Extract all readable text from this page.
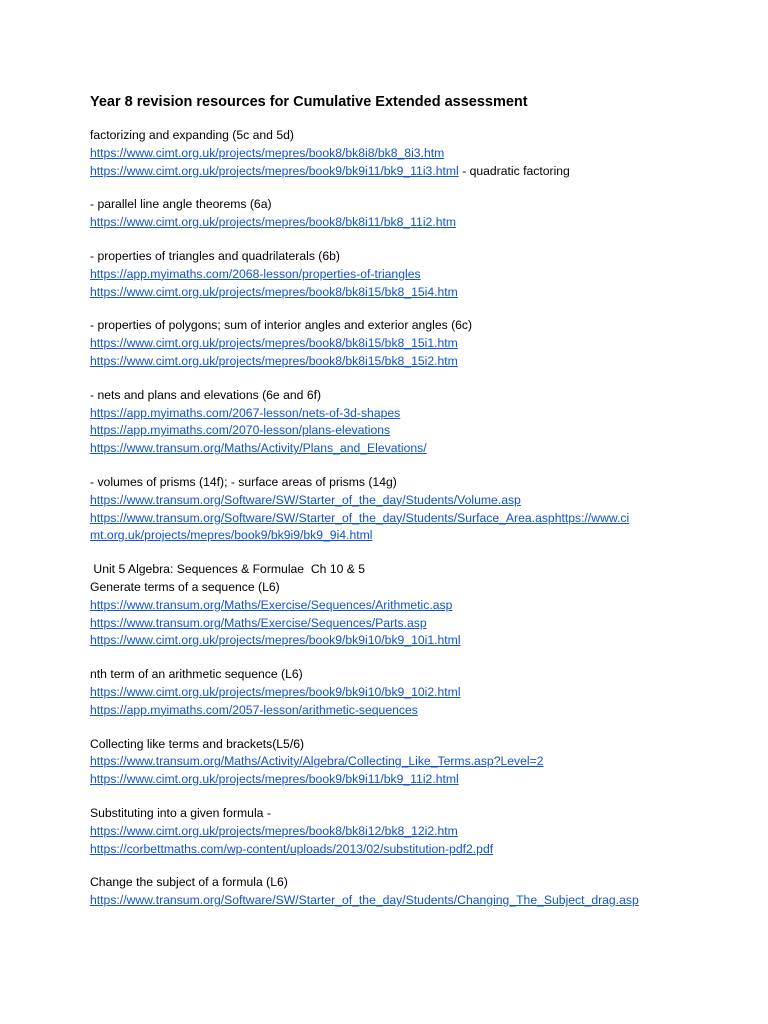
Year 8 revision resources for Cumulative Extended assessment
factorizing and expanding (5c and 5d)
https://www.cimt.org.uk/projects/mepres/book8/bk8i8/bk8_8i3.htm
https://www.cimt.org.uk/projects/mepres/book9/bk9i11/bk9_11i3.html - quadratic factoring
- parallel line angle theorems (6a)
https://www.cimt.org.uk/projects/mepres/book8/bk8i11/bk8_11i2.htm
- properties of triangles and quadrilaterals (6b)
https://app.myimaths.com/2068-lesson/properties-of-triangles
https://www.cimt.org.uk/projects/mepres/book8/bk8i15/bk8_15i4.htm
- properties of polygons; sum of interior angles and exterior angles (6c)
https://www.cimt.org.uk/projects/mepres/book8/bk8i15/bk8_15i1.htm
https://www.cimt.org.uk/projects/mepres/book8/bk8i15/bk8_15i2.htm
- nets and plans and elevations (6e and 6f)
https://app.myimaths.com/2067-lesson/nets-of-3d-shapes
https://app.myimaths.com/2070-lesson/plans-elevations
https://www.transum.org/Maths/Activity/Plans_and_Elevations/
- volumes of prisms (14f); - surface areas of prisms (14g)
https://www.transum.org/Software/SW/Starter_of_the_day/Students/Volume.asp
https://www.transum.org/Software/SW/Starter_of_the_day/Students/Surface_Area.asphttps://www.cimt.org.uk/projects/mepres/book9/bk9i9/bk9_9i4.html
Unit 5 Algebra: Sequences & Formulae  Ch 10 & 5
Generate terms of a sequence (L6)
https://www.transum.org/Maths/Exercise/Sequences/Arithmetic.asp
https://www.transum.org/Maths/Exercise/Sequences/Parts.asp
https://www.cimt.org.uk/projects/mepres/book9/bk9i10/bk9_10i1.html
nth term of an arithmetic sequence (L6)
https://www.cimt.org.uk/projects/mepres/book9/bk9i10/bk9_10i2.html
https://app.myimaths.com/2057-lesson/arithmetic-sequences
Collecting like terms and brackets(L5/6)
https://www.transum.org/Maths/Activity/Algebra/Collecting_Like_Terms.asp?Level=2
https://www.cimt.org.uk/projects/mepres/book9/bk9i11/bk9_11i2.html
Substituting into a given formula -
https://www.cimt.org.uk/projects/mepres/book8/bk8i12/bk8_12i2.htm
https://corbettmaths.com/wp-content/uploads/2013/02/substitution-pdf2.pdf
Change the subject of a formula (L6)
https://www.transum.org/Software/SW/Starter_of_the_day/Students/Changing_The_Subject_drag.asp
